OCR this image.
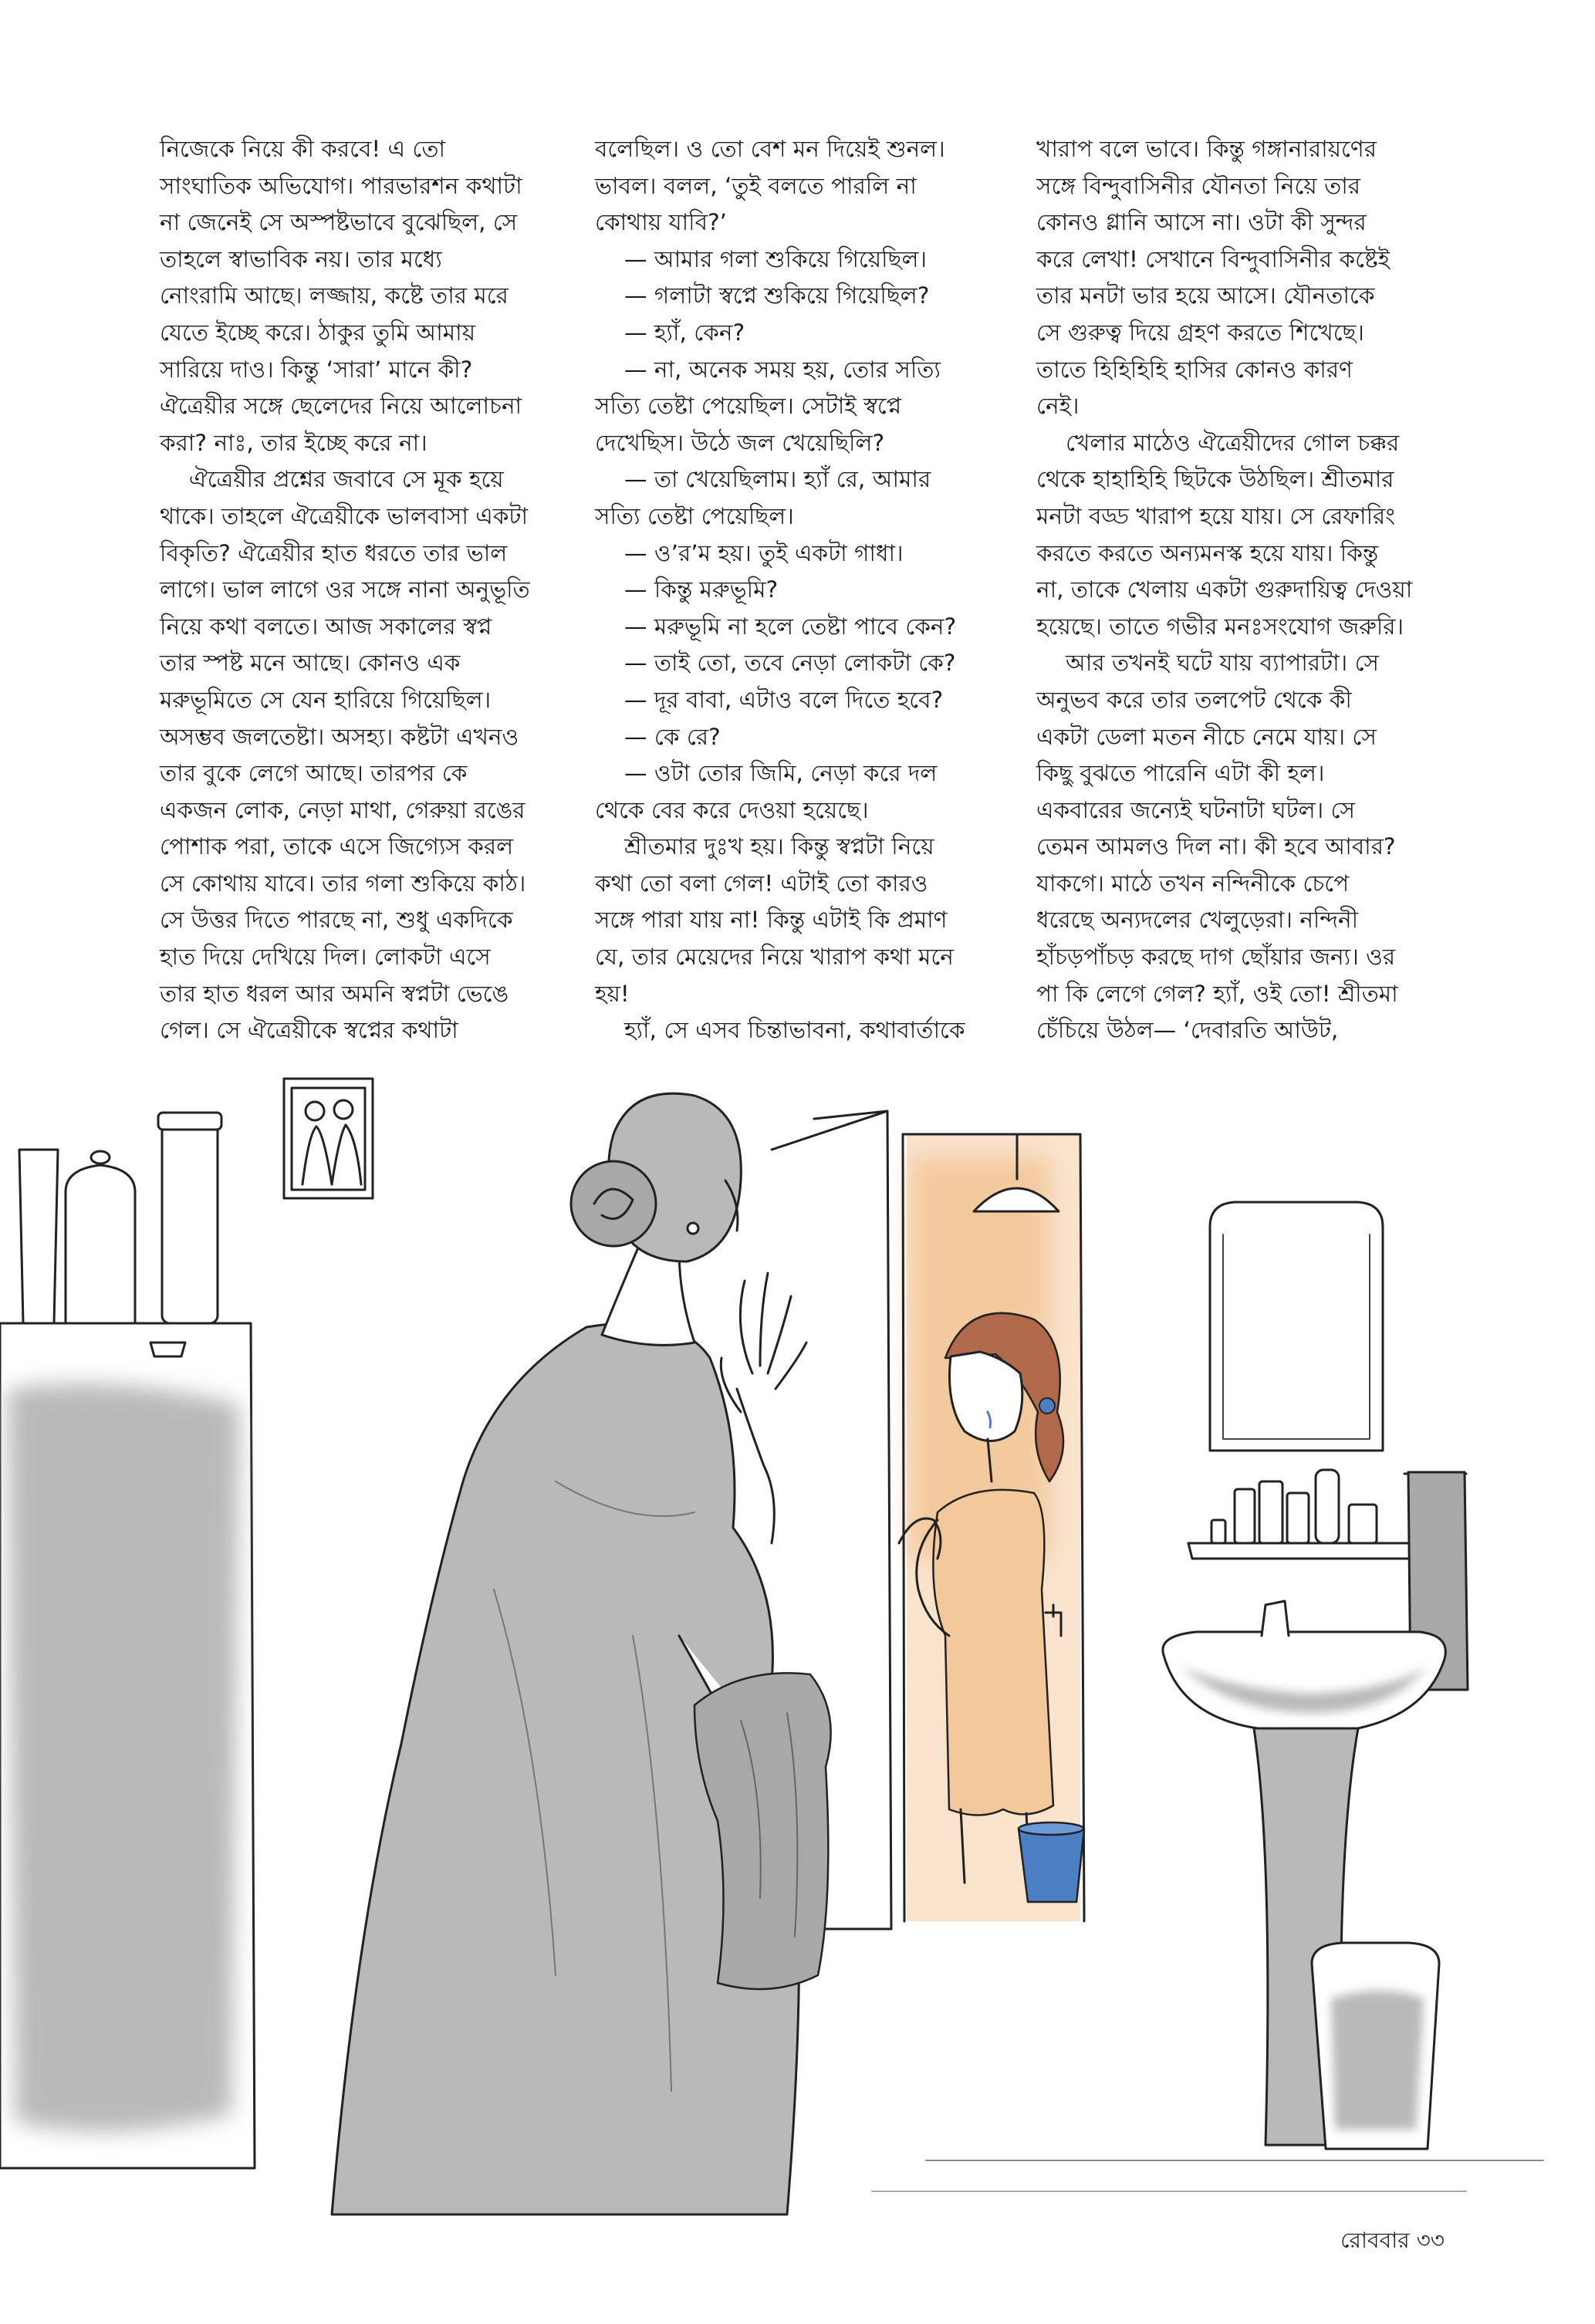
নিজেকে নিয়ে কী করবে! এ তো

সাংঘাতিক অভিযোগ। পারভারশন কথাটা

না জেনেই সে অস্পষ্টভাবে বুঝেছিল, সে

তাহলে স্বাভাবিক নয়। তার মধ্যে

নোংরামি আছে। লজ্জায়, কষ্টে তার মরে

যেতে ইচ্ছে করে। ঠাকুর তুমি আমায়

সারিয়ে দাও। কিন্তু ‘সারা’ মানে কী?

ঐত্রেয়ীর সঙ্গে ছেলেদের নিয়ে আলোচনা

করা? নাঃ, তার ইচ্ছে করে না।

ঐত্রেয়ীর প্রশ্নের জবাবে সে মূক হয়ে

থাকে। তাহলে ঐত্রেয়ীকে ভালবাসা একটা

বিকৃতি? ঐত্রেয়ীর হাত ধরতে তার ভাল

লাগে। ভাল লাগে ওর সঙ্গে নানা অনুভূতি

নিয়ে কথা বলতে। আজ সকালের স্বপ্ন

তার স্পষ্ট মনে আছে। কোনও এক

মরুভূমিতে সে যেন হারিয়ে গিয়েছিল।

অসম্ভব জলতেষ্টা। অসহ্য। কষ্টটা এখনও

তার বুকে লেগে আছে। তারপর কে

একজন লোক, নেড়া মাথা, গেরুয়া রঙের

পোশাক পরা, তাকে এসে জিগ্যেস করল

সে কোথায় যাবে। তার গলা শুকিয়ে কাঠ।

সে উত্তর দিতে পারছে না, শুধু একদিকে

হাত দিয়ে দেখিয়ে দিল। লোকটা এসে

তার হাত ধরল আর অমনি স্বপ্নটা ভেঙে

গেল। সে ঐত্রেয়ীকে স্বপ্নের কথাটা

বলেছিল। ও তো বেশ মন দিয়েই শুনল।

ভাবল। বলল, ‘তুই বলতে পারলি না

কোথায় যাবি?’

— আমার গলা শুকিয়ে গিয়েছিল।

— গলাটা স্বপ্নে শুকিয়ে গিয়েছিল?

— হ্যাঁ, কেন?

— না, অনেক সময় হয়, তোর সত্যি

সত্যি তেষ্টা পেয়েছিল। সেটাই স্বপ্নে

দেখেছিস। উঠে জল খেয়েছিলি?

— তা খেয়েছিলাম। হ্যাঁ রে, আমার

সত্যি তেষ্টা পেয়েছিল।

— ও’র’ম হয়। তুই একটা গাধা।

— কিন্তু মরুভূমি?

— মরুভূমি না হলে তেষ্টা পাবে কেন?

— তাই তো, তবে নেড়া লোকটা কে?

— দূর বাবা, এটাও বলে দিতে হবে?

— কে রে?

— ওটা তোর জিমি, নেড়া করে দল

থেকে বের করে দেওয়া হয়েছে।

শ্রীতমার দুঃখ হয়। কিন্তু স্বপ্নটা নিয়ে

কথা তো বলা গেল! এটাই তো কারও

সঙ্গে পারা যায় না! কিন্তু এটাই কি প্রমাণ

যে, তার মেয়েদের নিয়ে খারাপ কথা মনে

হয়!

হ্যাঁ, সে এসব চিন্তাভাবনা, কথাবার্তাকে

খারাপ বলে ভাবে। কিন্তু গঙ্গানারায়ণের

সঙ্গে বিন্দুবাসিনীর যৌনতা নিয়ে তার

কোনও গ্লানি আসে না। ওটা কী সুন্দর

করে লেখা! সেখানে বিন্দুবাসিনীর কষ্টেই

তার মনটা ভার হয়ে আসে। যৌনতাকে

সে গুরুত্ব দিয়ে গ্রহণ করতে শিখেছে।

তাতে হিহিহিহি হাসির কোনও কারণ

নেই।

খেলার মাঠেও ঐত্রেয়ীদের গোল চক্কর

থেকে হাহাহিহি ছিটকে উঠছিল। শ্রীতমার

মনটা বড্ড খারাপ হয়ে যায়। সে রেফারিং

করতে করতে অন্যমনস্ক হয়ে যায়। কিন্তু

না, তাকে খেলায় একটা গুরুদায়িত্ব দেওয়া

হয়েছে। তাতে গভীর মনঃসংযোগ জরুরি।

আর তখনই ঘটে যায় ব্যাপারটা। সে

অনুভব করে তার তলপেট থেকে কী

একটা ডেলা মতন নীচে নেমে যায়। সে

কিছু বুঝতে পারেনি এটা কী হল।

একবারের জন্যেই ঘটনাটা ঘটল। সে

তেমন আমলও দিল না। কী হবে আবার?

যাকগে। মাঠে তখন নন্দিনীকে চেপে

ধরেছে অন্যদলের খেলুড়েরা। নন্দিনী

হাঁচড়পাঁচড় করছে দাগ ছোঁয়ার জন্য। ওর

পা কি লেগে গেল? হ্যাঁ, ওই তো! শ্রীতমা

চেঁচিয়ে উঠল— ‘দেবারতি আউট,

রোববার ৩৩
